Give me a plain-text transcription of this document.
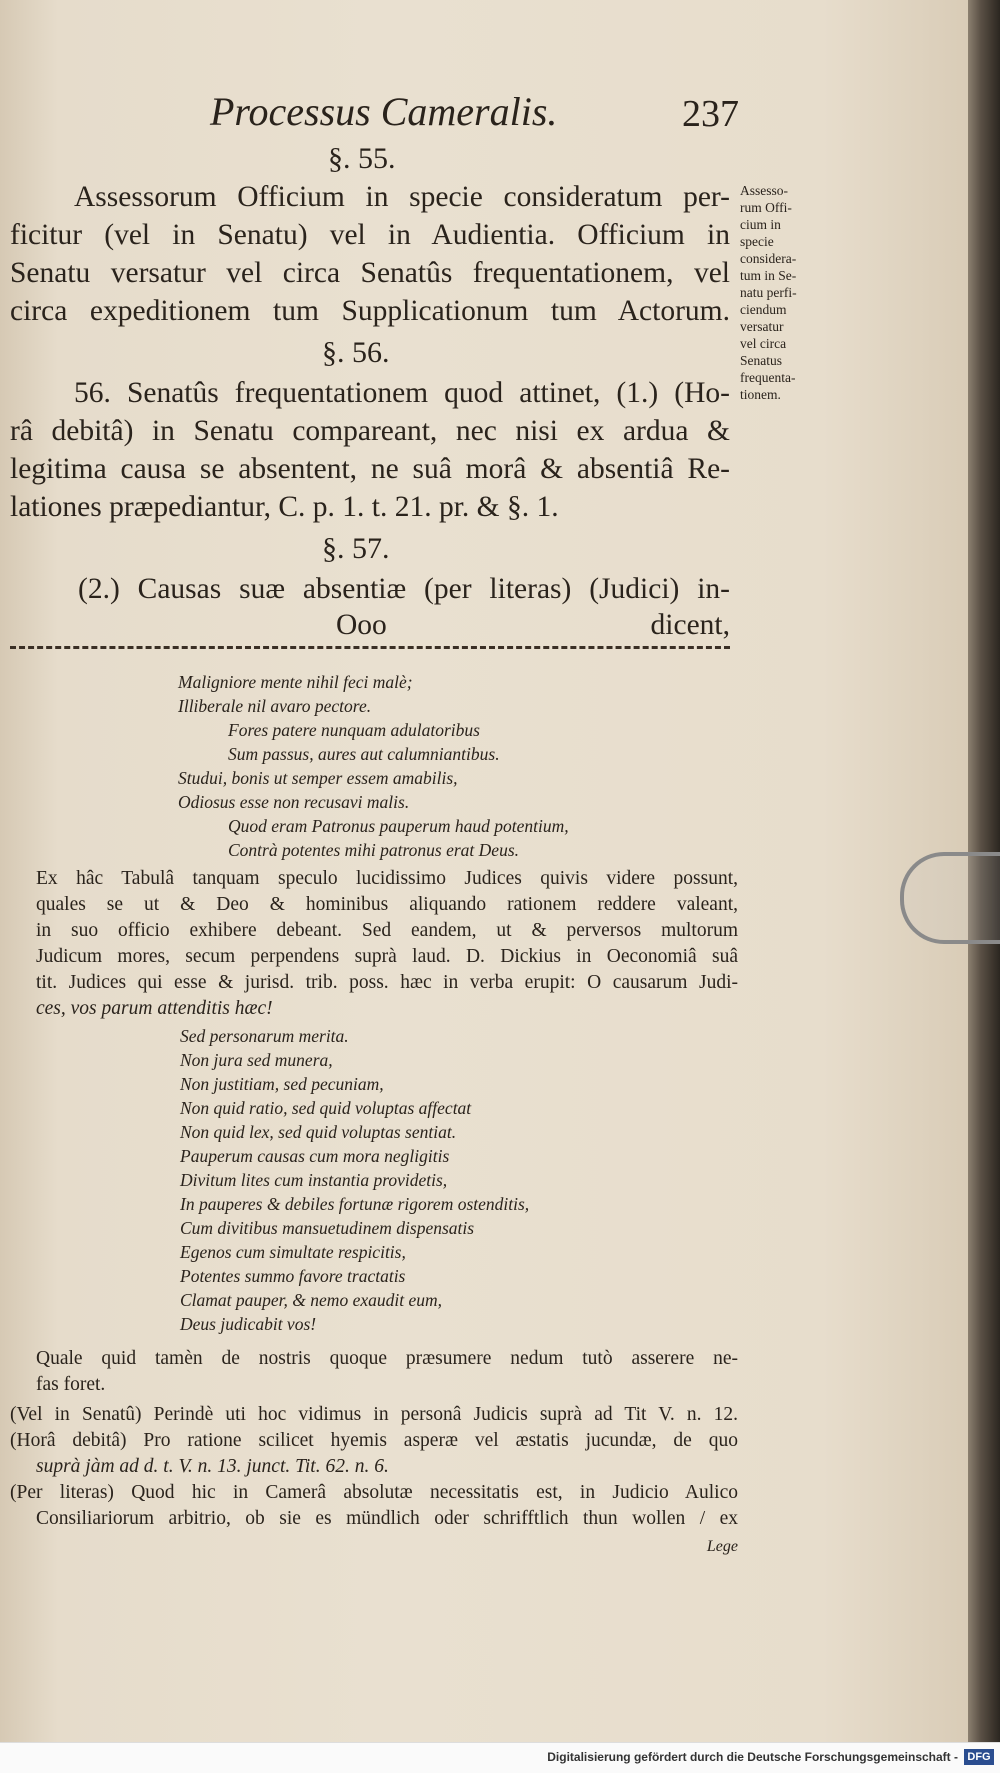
Processus Cameralis.	237
Assesso- rum Offi- cium in specie considera- tum in Se- natu perfi- ciendum versatur vel circa Senatus frequenta- tionem.
§. 55.
Assessorum Officium in specie consideratum per-
ficitur (vel in Senatu) vel in Audientia. Officium in
Senatu versatur vel circa Senatûs frequentationem, vel
circa expeditionem tum Supplicationum tum Actorum.
§. 56.
56. Senatûs frequentationem quod attinet, (1.) (Ho-
râ debitâ) in Senatu compareant, nec nisi ex ardua &
legitima causa se absentent, ne suâ morâ & absentiâ Re-
lationes præpediantur, C. p. 1. t. 21. pr. & §. 1.
§. 57.
(2.) Causas suæ absentiæ (per literas) (Judici) in-
Ooo	dicent,
Maligniore mente nihil feci malè;
Illiberale nil avaro pectore.
Fores patere nunquam adulatoribus
Sum passus, aures aut calumniantibus.
Studui, bonis ut semper essem amabilis,
Odiosus esse non recusavi malis.
Quod eram Patronus pauperum haud potentium,
Contrà potentes mihi patronus erat Deus.
Ex hâc Tabulâ tanquam speculo lucidissimo Judices quivis videre possunt,
quales se ut & Deo & hominibus aliquando rationem reddere valeant,
in suo officio exhibere debeant. Sed eandem, ut & perversos multorum
Judicum mores, secum perpendens suprà laud. D. Dickius in Oeconomiâ suâ
tit. Judices qui esse & jurisd. trib. poss. hæc in verba erupit: O causarum Judi-
ces, vos parum attenditis hæc!
Sed personarum merita.
Non jura sed munera,
Non justitiam, sed pecuniam,
Non quid ratio, sed quid voluptas affectat
Non quid lex, sed quid voluptas sentiat.
Pauperum causas cum mora negligitis
Divitum lites cum instantia providetis,
In pauperes & debiles fortunæ rigorem ostenditis,
Cum divitibus mansuetudinem dispensatis
Egenos cum simultate respicitis,
Potentes summo favore tractatis
Clamat pauper, & nemo exaudit eum,
Deus judicabit vos!
Quale quid tamèn de nostris quoque præsumere nedum tutò asserere ne-
fas foret.
(Vel in Senatû) Perindè uti hoc vidimus in personâ Judicis suprà ad Tit V. n. 12.
(Horâ debitâ) Pro ratione scilicet hyemis asperæ vel æstatis jucundæ, de quo
suprà jàm ad d. t. V. n. 13. junct. Tit. 62. n. 6.
(Per literas) Quod hic in Camerâ absolutæ necessitatis est, in Judicio Aulico
Consiliariorum arbitrio, ob sie es mündlich oder schrifftlich thun wollen / ex
Lege
Digitalisierung gefördert durch die Deutsche Forschungsgemeinschaft - DFG
